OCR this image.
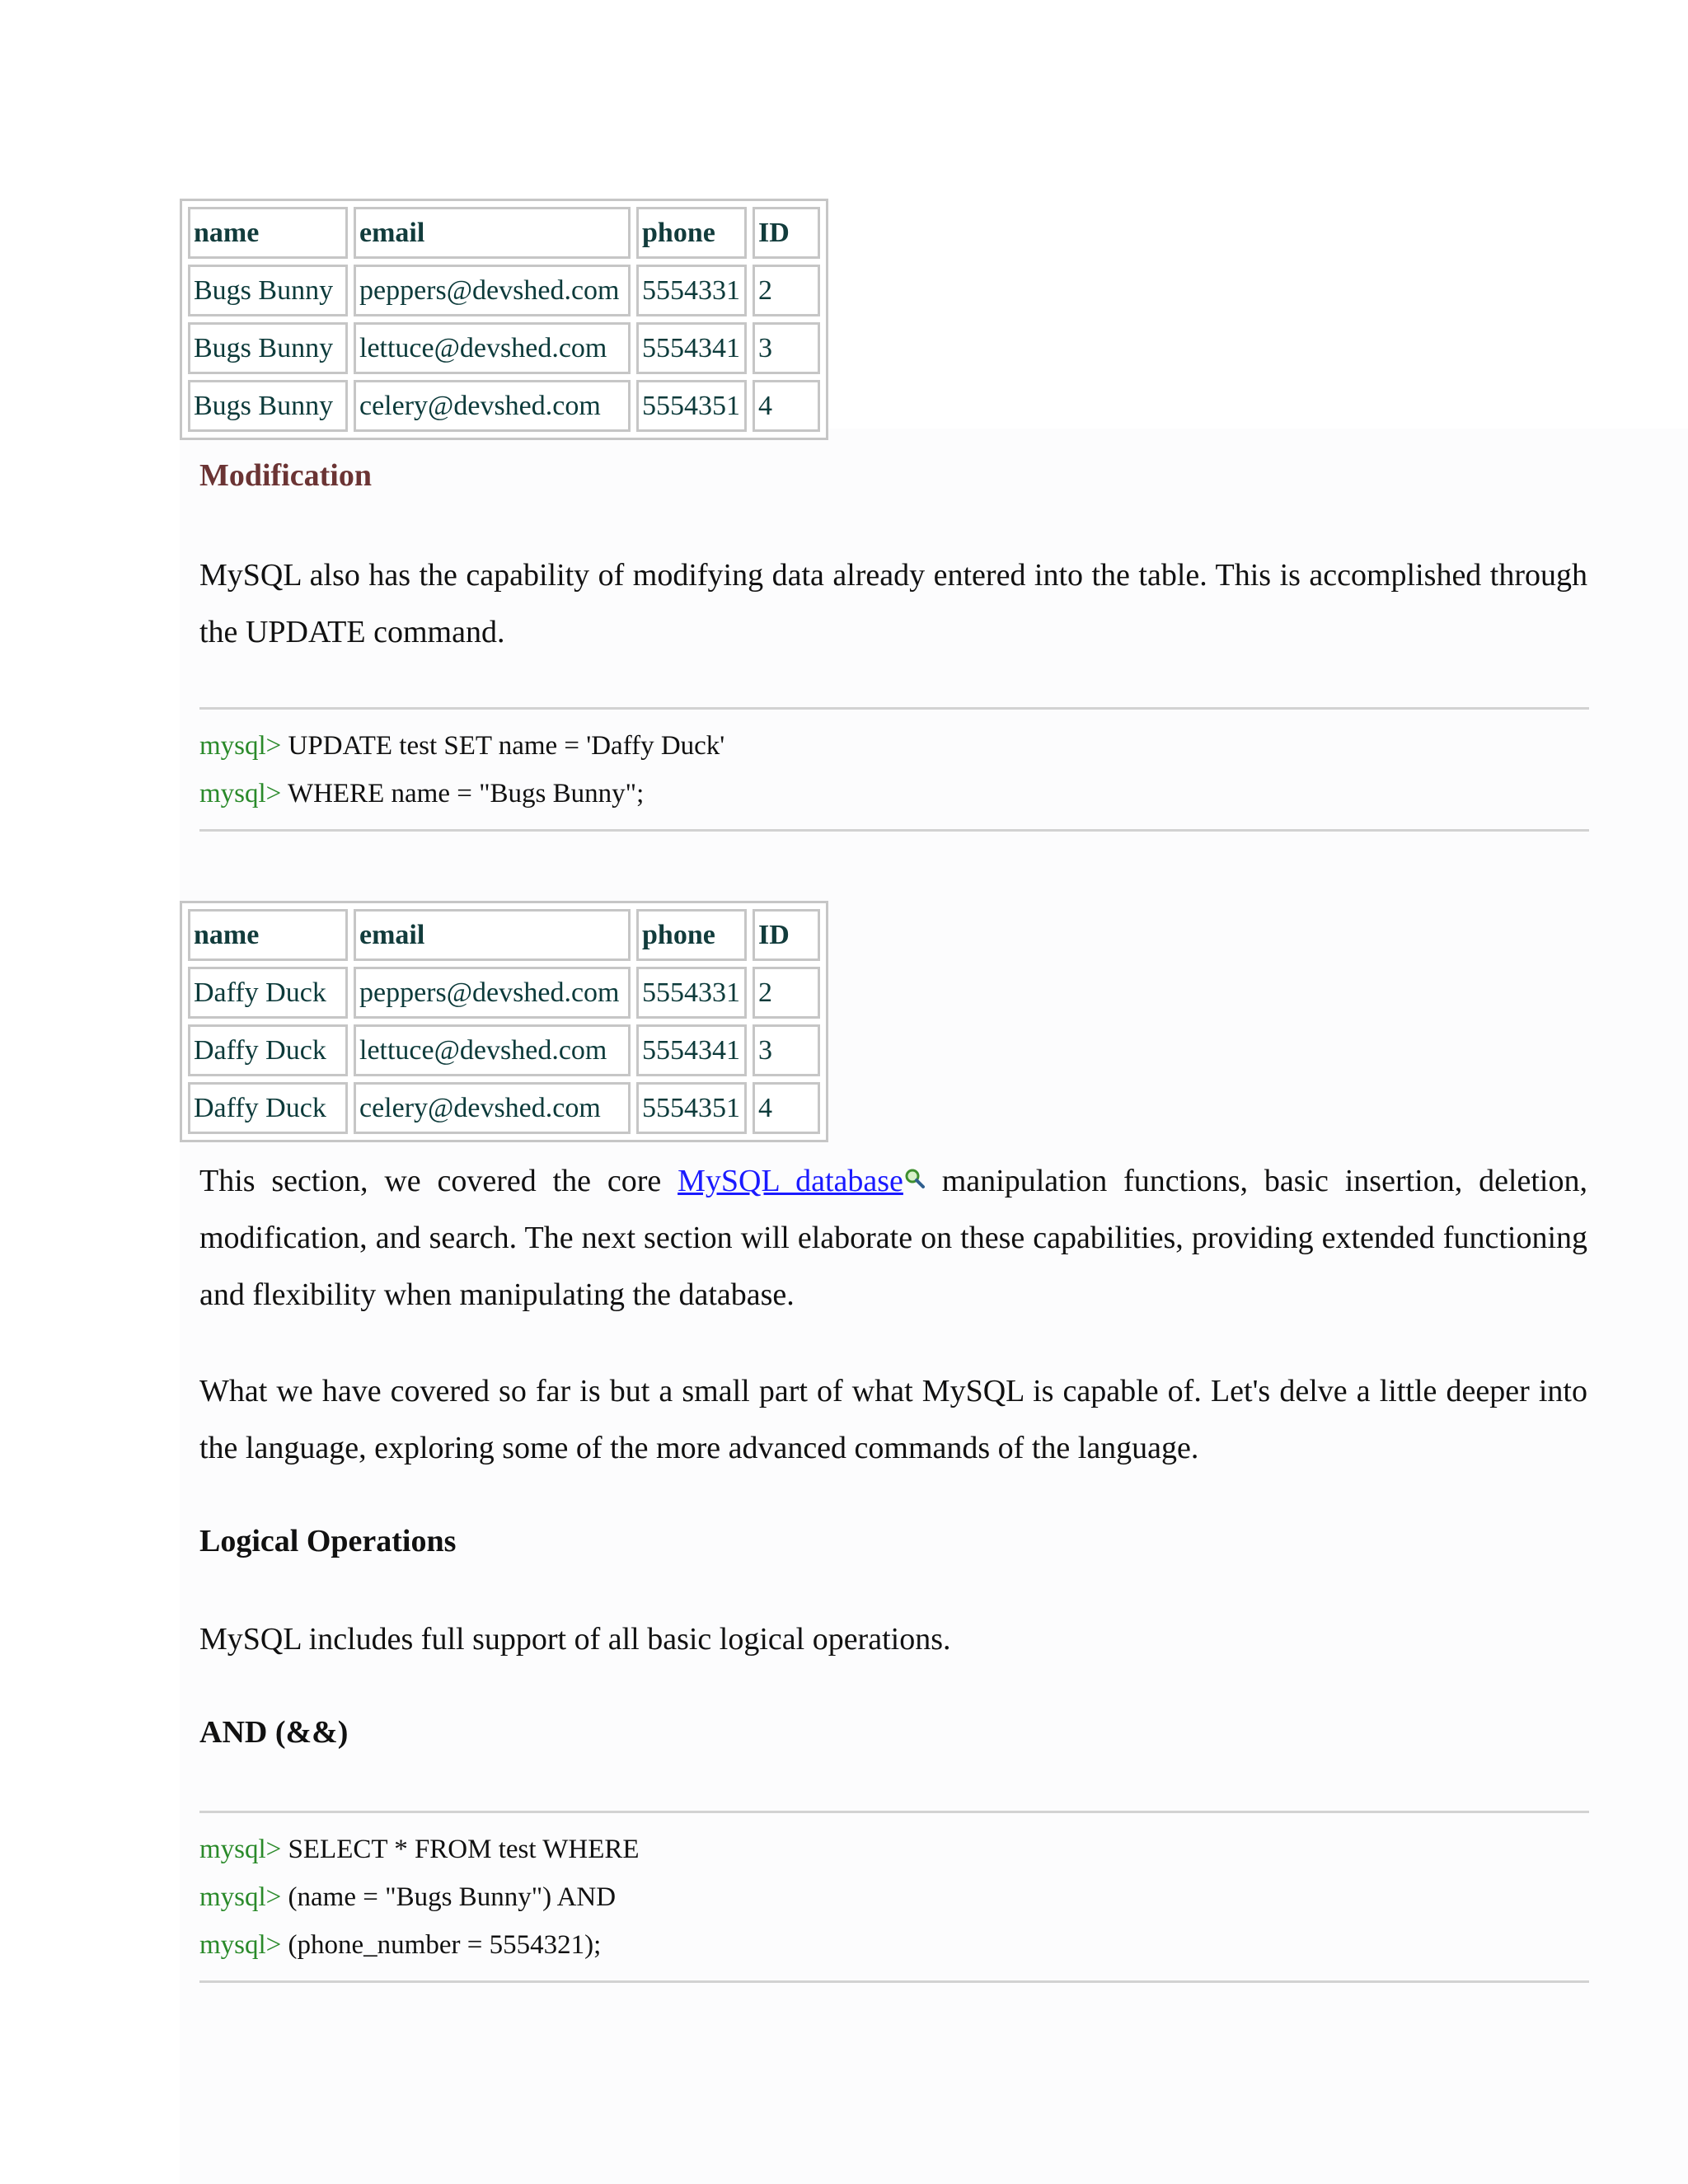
name	email	phone	ID
Bugs Bunny	peppers@devshed.com	5554331	2
Bugs Bunny	lettuce@devshed.com	5554341	3
Bugs Bunny	celery@devshed.com	5554351	4
Modification

MySQL also has the capability of modifying data already entered into the table. This is accomplished through the UPDATE command.

mysql> UPDATE test SET name = 'Daffy Duck'
mysql> WHERE name = "Bugs Bunny";
name	email	phone	ID
Daffy Duck	peppers@devshed.com	5554331	2
Daffy Duck	lettuce@devshed.com	5554341	3
Daffy Duck	celery@devshed.com	5554351	4

This section, we covered the core MySQL database manipulation functions, basic insertion, deletion, modification, and search. The next section will elaborate on these capabilities, providing extended functioning and flexibility when manipulating the database.

What we have covered so far is but a small part of what MySQL is capable of. Let's delve a little deeper into the language, exploring some of the more advanced commands of the language.

Logical Operations

MySQL includes full support of all basic logical operations.

AND (&&)
mysql> SELECT * FROM test WHERE
mysql> (name = "Bugs Bunny") AND
mysql> (phone_number = 5554321);
